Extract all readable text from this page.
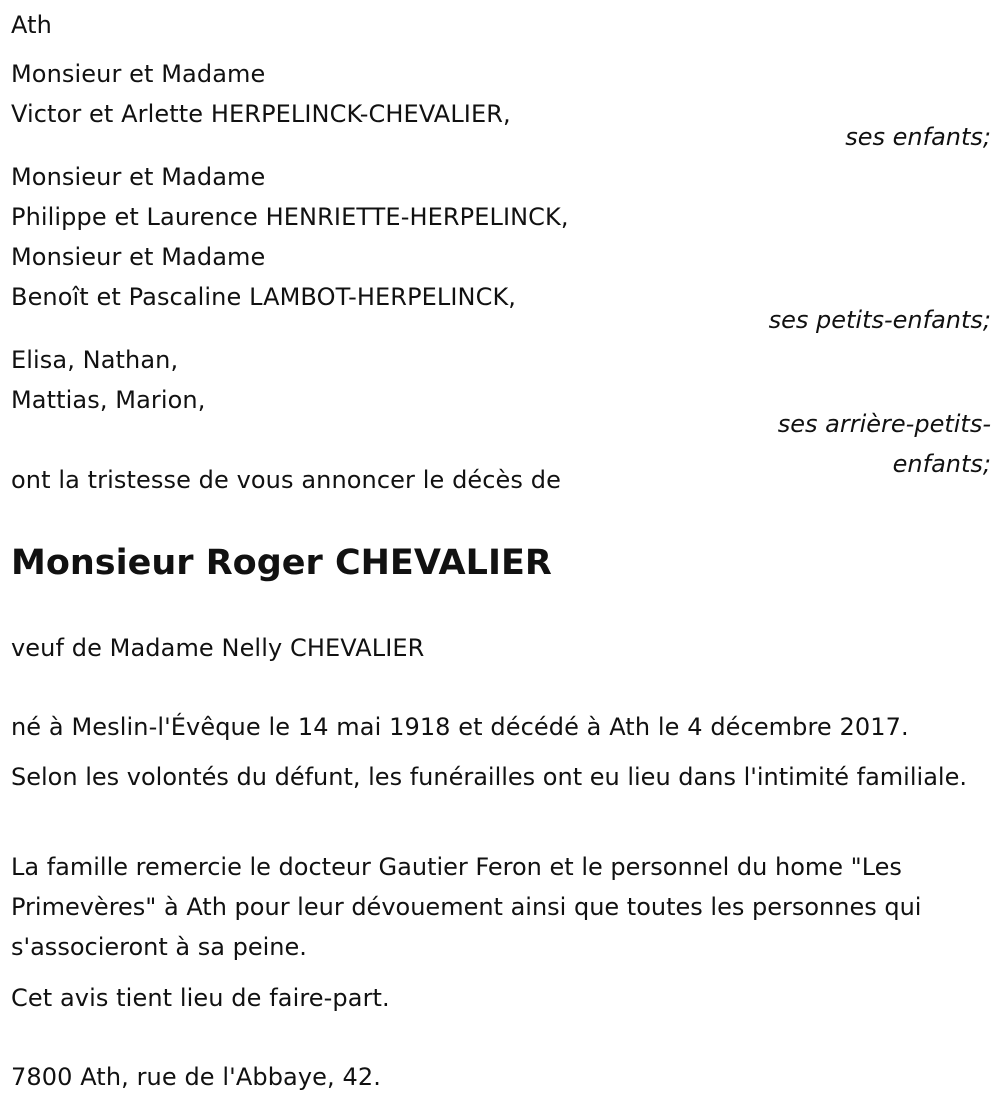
Ath
Monsieur et Madame
Victor et Arlette HERPELINCK-CHEVALIER,
ses enfants;
Monsieur et Madame
Philippe et Laurence HENRIETTE-HERPELINCK,
Monsieur et Madame
Benoît et Pascaline LAMBOT-HERPELINCK,
ses petits-enfants;
Elisa, Nathan,
Mattias, Marion,
ses arrière-petits-
enfants;
ont la tristesse de vous annoncer le décès de
Monsieur Roger CHEVALIER
veuf de Madame Nelly CHEVALIER
né à Meslin-l'Évêque le 14 mai 1918 et décédé à Ath le 4 décembre 2017.
Selon les volontés du défunt, les funérailles ont eu lieu dans l'intimité familiale.
La famille remercie le docteur Gautier Feron et le personnel du home "Les Primevères" à Ath pour leur dévouement ainsi que toutes les personnes qui s'associeront à sa peine.
Cet avis tient lieu de faire-part.
7800 Ath, rue de l'Abbaye, 42.
